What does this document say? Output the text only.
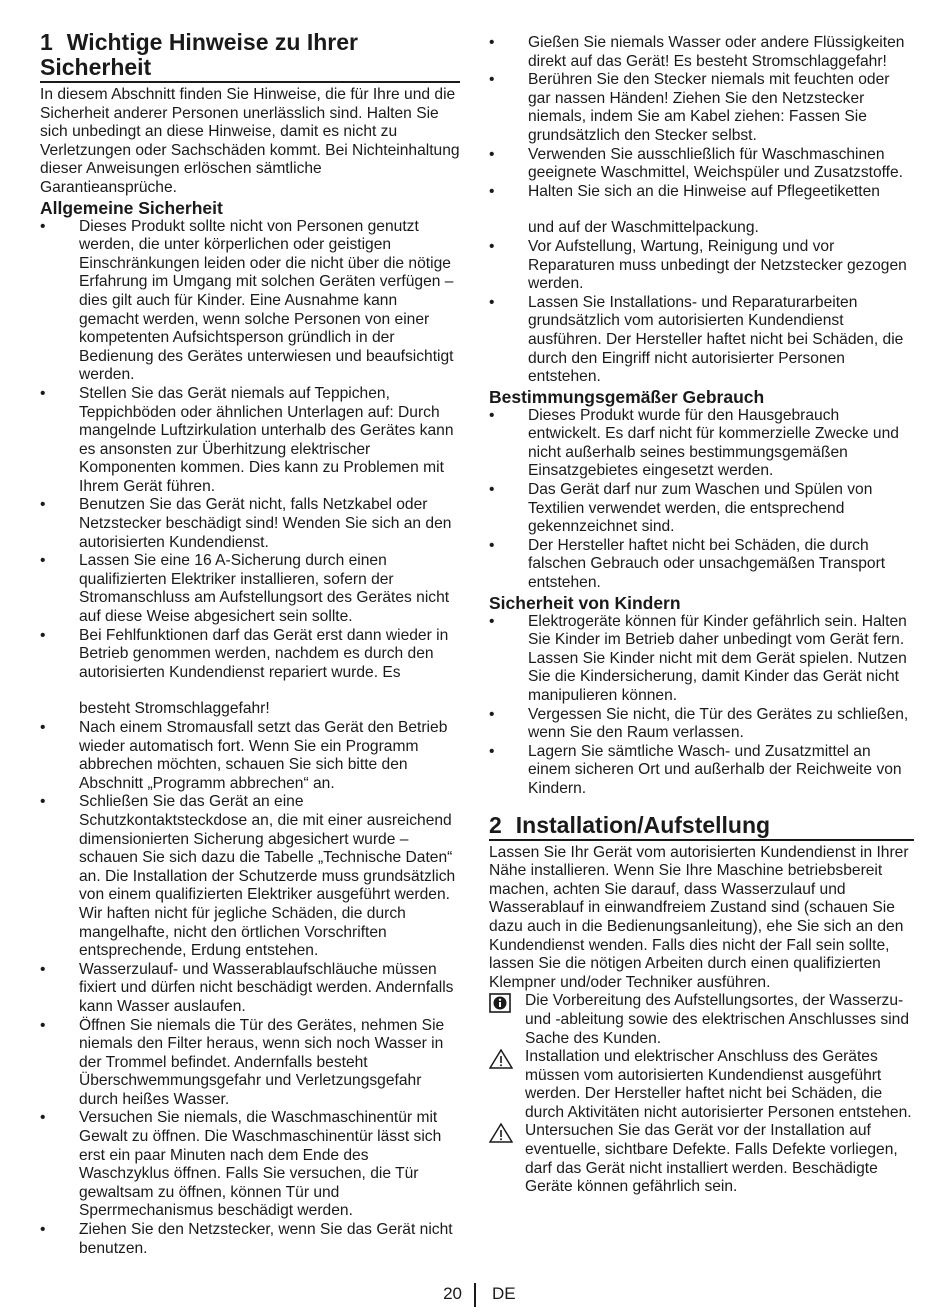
1 Wichtige Hinweise zu Ihrer Sicherheit

In diesem Abschnitt finden Sie Hinweise, die für Ihre und die Sicherheit anderer Personen unerlässlich sind. Halten Sie sich unbedingt an diese Hinweise, damit es nicht zu Verletzungen oder Sachschäden kommt. Bei Nichteinhaltung dieser Anweisungen erlöschen sämtliche Garantieansprüche.

Allgemeine Sicherheit
• Dieses Produkt sollte nicht von Personen genutzt werden, die unter körperlichen oder geistigen Einschränkungen leiden oder die nicht über die nötige Erfahrung im Umgang mit solchen Geräten verfügen – dies gilt auch für Kinder. Eine Ausnahme kann gemacht werden, wenn solche Personen von einer kompetenten Aufsichtsperson gründlich in der Bedienung des Gerätes unterwiesen und beaufsichtigt werden.
• Stellen Sie das Gerät niemals auf Teppichen, Teppichböden oder ähnlichen Unterlagen auf: Durch mangelnde Luftzirkulation unterhalb des Gerätes kann es ansonsten zur Überhitzung elektrischer Komponenten kommen. Dies kann zu Problemen mit Ihrem Gerät führen.
• Benutzen Sie das Gerät nicht, falls Netzkabel oder Netzstecker beschädigt sind! Wenden Sie sich an den autorisierten Kundendienst.
• Lassen Sie eine 16 A-Sicherung durch einen qualifizierten Elektriker installieren, sofern der Stromanschluss am Aufstellungsort des Gerätes nicht auf diese Weise abgesichert sein sollte.
• Bei Fehlfunktionen darf das Gerät erst dann wieder in Betrieb genommen werden, nachdem es durch den autorisierten Kundendienst repariert wurde. Es

besteht Stromschlaggefahr!

• Nach einem Stromausfall setzt das Gerät den Betrieb wieder automatisch fort. Wenn Sie ein Programm abbrechen möchten, schauen Sie sich bitte den Abschnitt „Programm abbrechen“ an.
• Schließen Sie das Gerät an eine Schutzkontaktsteckdose an, die mit einer ausreichend dimensionierten Sicherung abgesichert wurde – schauen Sie sich dazu die Tabelle „Technische Daten“ an. Die Installation der Schutzerde muss grundsätzlich von einem qualifizierten Elektriker ausgeführt werden. Wir haften nicht für jegliche Schäden, die durch mangelhafte, nicht den örtlichen Vorschriften entsprechende, Erdung entstehen.
• Wasserzulauf- und Wasserablaufschläuche müssen fixiert und dürfen nicht beschädigt werden. Andernfalls kann Wasser auslaufen.
• Öffnen Sie niemals die Tür des Gerätes, nehmen Sie niemals den Filter heraus, wenn sich noch Wasser in der Trommel befindet. Andernfalls besteht Überschwemmungsgefahr und Verletzungsgefahr durch heißes Wasser.
• Versuchen Sie niemals, die Waschmaschinentür mit Gewalt zu öffnen. Die Waschmaschinentür lässt sich erst ein paar Minuten nach dem Ende des Waschzyklus öffnen. Falls Sie versuchen, die Tür gewaltsam zu öffnen, können Tür und Sperrmechanismus beschädigt werden.
• Ziehen Sie den Netzstecker, wenn Sie das Gerät nicht benutzen.
• Gießen Sie niemals Wasser oder andere Flüssigkeiten direkt auf das Gerät! Es besteht Stromschlaggefahr!
• Berühren Sie den Stecker niemals mit feuchten oder gar nassen Händen! Ziehen Sie den Netzstecker niemals, indem Sie am Kabel ziehen: Fassen Sie grundsätzlich den Stecker selbst.
• Verwenden Sie ausschließlich für Waschmaschinen geeignete Waschmittel, Weichspüler und Zusatzstoffe.
• Halten Sie sich an die Hinweise auf Pflegeetiketten

und auf der Waschmittelpackung.

• Vor Aufstellung, Wartung, Reinigung und vor Reparaturen muss unbedingt der Netzstecker gezogen werden.
• Lassen Sie Installations- und Reparaturarbeiten grundsätzlich vom autorisierten Kundendienst ausführen. Der Hersteller haftet nicht bei Schäden, die durch den Eingriff nicht autorisierter Personen entstehen.
Bestimmungsgemäßer Gebrauch
• Dieses Produkt wurde für den Hausgebrauch entwickelt. Es darf nicht für kommerzielle Zwecke und nicht außerhalb seines bestimmungsgemäßen Einsatzgebietes eingesetzt werden.
• Das Gerät darf nur zum Waschen und Spülen von Textilien verwendet werden, die entsprechend gekennzeichnet sind.
• Der Hersteller haftet nicht bei Schäden, die durch falschen Gebrauch oder unsachgemäßen Transport entstehen.
Sicherheit von Kindern
• Elektrogeräte können für Kinder gefährlich sein. Halten Sie Kinder im Betrieb daher unbedingt vom Gerät fern. Lassen Sie Kinder nicht mit dem Gerät spielen. Nutzen Sie die Kindersicherung, damit Kinder das Gerät nicht manipulieren können.
• Vergessen Sie nicht, die Tür des Gerätes zu schließen, wenn Sie den Raum verlassen.
• Lagern Sie sämtliche Wasch- und Zusatzmittel an einem sicheren Ort und außerhalb der Reichweite von Kindern.
2 Installation/Aufstellung

Lassen Sie Ihr Gerät vom autorisierten Kundendienst in Ihrer Nähe installieren. Wenn Sie Ihre Maschine betriebsbereit machen, achten Sie darauf, dass Wasserzulauf und Wasserablauf in einwandfreiem Zustand sind (schauen Sie dazu auch in die Bedienungsanleitung), ehe Sie sich an den Kundendienst wenden. Falls dies nicht der Fall sein sollte, lassen Sie die nötigen Arbeiten durch einen qualifizierten Klempner und/oder Techniker ausführen.

Die Vorbereitung des Aufstellungsortes, der Wasserzu- und -ableitung sowie des elektrischen Anschlusses sind Sache des Kunden.
Installation und elektrischer Anschluss des Gerätes müssen vom autorisierten Kundendienst ausgeführt werden. Der Hersteller haftet nicht bei Schäden, die durch Aktivitäten nicht autorisierter Personen entstehen.
Untersuchen Sie das Gerät vor der Installation auf eventuelle, sichtbare Defekte. Falls Defekte vorliegen, darf das Gerät nicht installiert werden. Beschädigte Geräte können gefährlich sein.
20 DE
